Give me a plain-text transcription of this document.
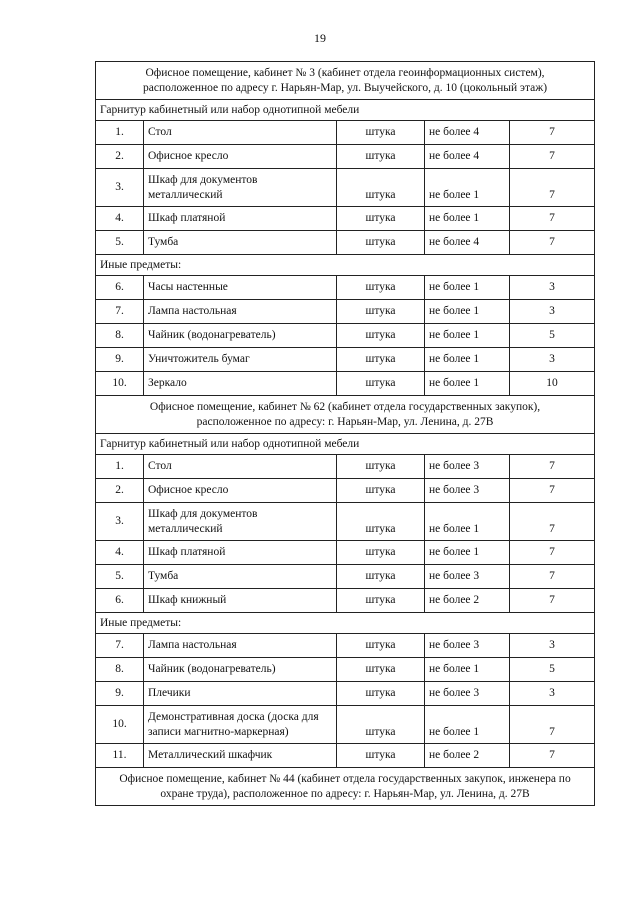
19
Офисное помещение, кабинет № 3 (кабинет отдела геоинформационных систем),
расположенное по адресу г. Нарьян-Мар, ул. Выучейского, д. 10 (цокольный этаж)				
Гарнитур кабинетный или набор однотипной мебели				
1.	Стол	штука	не более 4	7
2.	Офисное кресло	штука	не более 4	7
3.	Шкаф для документов
металлический	штука	не более 1	7
4.	Шкаф платяной	штука	не более 1	7
5.	Тумба	штука	не более 4	7
Иные предметы:				
6.	Часы настенные	штука	не более 1	3
7.	Лампа настольная	штука	не более 1	3
8.	Чайник (водонагреватель)	штука	не более 1	5
9.	Уничтожитель бумаг	штука	не более 1	3
10.	Зеркало	штука	не более 1	10
Офисное помещение, кабинет № 62 (кабинет отдела государственных закупок),
расположенное по адресу: г. Нарьян-Мар, ул. Ленина, д. 27В				
Гарнитур кабинетный или набор однотипной мебели				
1.	Стол	штука	не более 3	7
2.	Офисное кресло	штука	не более 3	7
3.	Шкаф для документов
металлический	штука	не более 1	7
4.	Шкаф платяной	штука	не более 1	7
5.	Тумба	штука	не более 3	7
6.	Шкаф книжный	штука	не более 2	7
Иные предметы:				
7.	Лампа настольная	штука	не более 3	3
8.	Чайник (водонагреватель)	штука	не более 1	5
9.	Плечики	штука	не более 3	3
10.	Демонстративная доска (доска для
записи магнитно-маркерная)	штука	не более 1	7
11.	Металлический шкафчик	штука	не более 2	7
Офисное помещение, кабинет № 44 (кабинет отдела государственных закупок, инженера по
охране труда), расположенное по адресу: г. Нарьян-Мар, ул. Ленина, д. 27В				
